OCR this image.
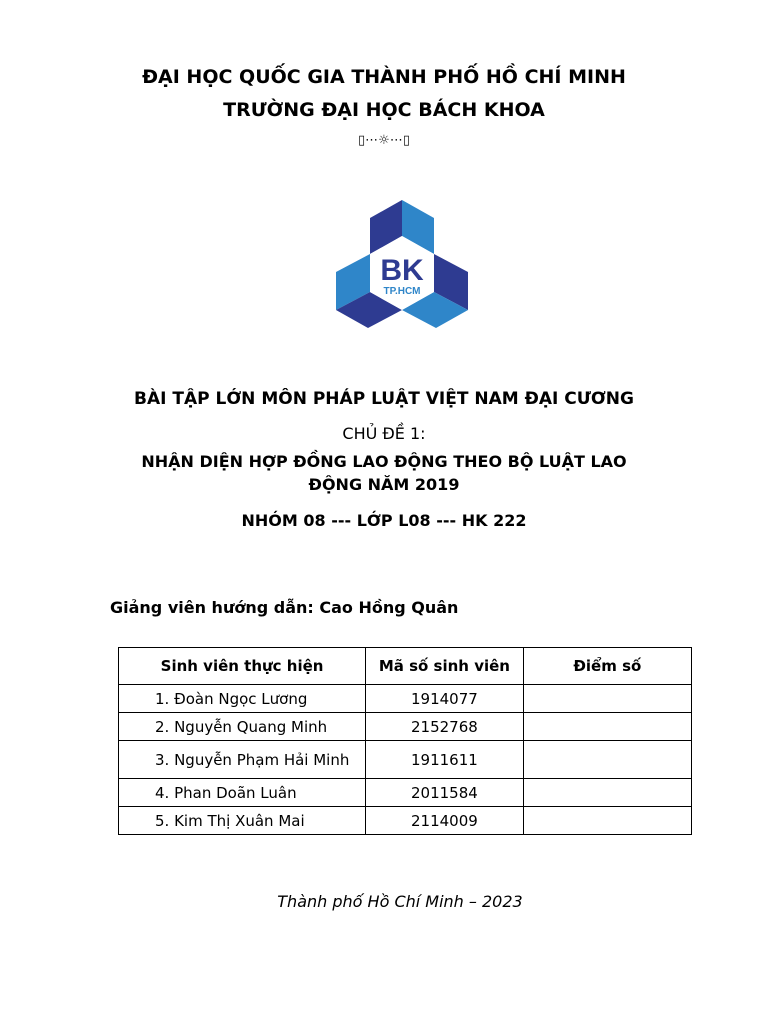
ĐẠI HỌC QUỐC GIA THÀNH PHỐ HỒ CHÍ MINH
TRƯỜNG ĐẠI HỌC BÁCH KHOA
▯⋯☼⋯▯
BK
TP.HCM
BÀI TẬP LỚN MÔN PHÁP LUẬT VIỆT NAM ĐẠI CƯƠNG
CHỦ ĐỀ 1:
NHẬN DIỆN HỢP ĐỒNG LAO ĐỘNG THEO BỘ LUẬT LAO
ĐỘNG NĂM 2019
NHÓM 08 --- LỚP L08 --- HK 222
Giảng viên hướng dẫn: Cao Hồng Quân
Sinh viên thực hiện	Mã số sinh viên	Điểm số
1. Đoàn Ngọc Lương	1914077	
2. Nguyễn Quang Minh	2152768	
3. Nguyễn Phạm Hải Minh	1911611	
4. Phan Doãn Luân	2011584	
5. Kim Thị Xuân Mai	2114009	
Thành phố Hồ Chí Minh – 2023
